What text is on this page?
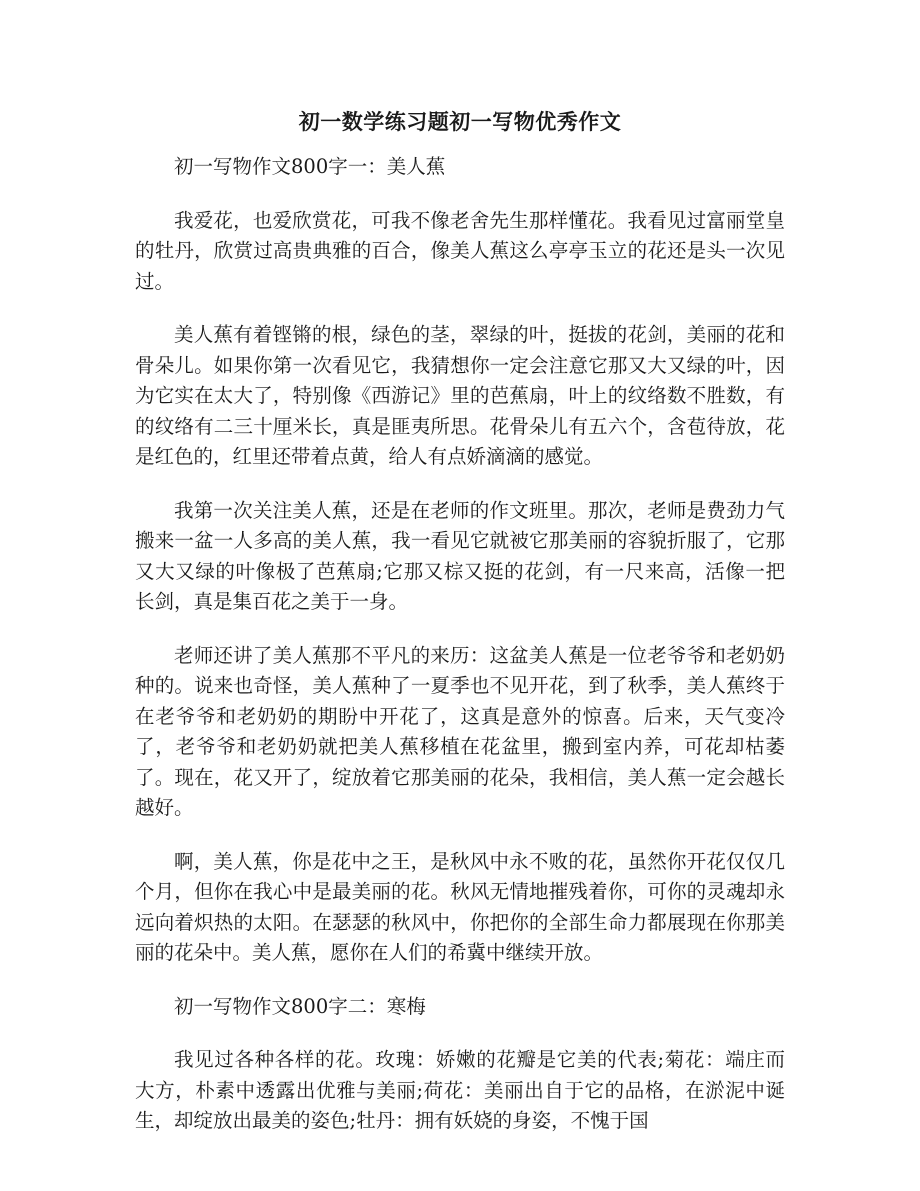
初一数学练习题初一写物优秀作文

初一写物作文800字一：美人蕉

我爱花，也爱欣赏花，可我不像老舍先生那样懂花。我看见过富丽堂皇的牡丹，欣赏过高贵典雅的百合，像美人蕉这么亭亭玉立的花还是头一次见过。

美人蕉有着铿锵的根，绿色的茎，翠绿的叶，挺拔的花剑，美丽的花和骨朵儿。如果你第一次看见它，我猜想你一定会注意它那又大又绿的叶，因为它实在太大了，特别像《西游记》里的芭蕉扇，叶上的纹络数不胜数，有的纹络有二三十厘米长，真是匪夷所思。花骨朵儿有五六个，含苞待放，花是红色的，红里还带着点黄，给人有点娇滴滴的感觉。

我第一次关注美人蕉，还是在老师的作文班里。那次，老师是费劲力气搬来一盆一人多高的美人蕉，我一看见它就被它那美丽的容貌折服了，它那又大又绿的叶像极了芭蕉扇;它那又棕又挺的花剑，有一尺来高，活像一把长剑，真是集百花之美于一身。

老师还讲了美人蕉那不平凡的来历：这盆美人蕉是一位老爷爷和老奶奶种的。说来也奇怪，美人蕉种了一夏季也不见开花，到了秋季，美人蕉终于在老爷爷和老奶奶的期盼中开花了，这真是意外的惊喜。后来，天气变冷了，老爷爷和老奶奶就把美人蕉移植在花盆里，搬到室内养，可花却枯萎了。现在，花又开了，绽放着它那美丽的花朵，我相信，美人蕉一定会越长越好。

啊，美人蕉，你是花中之王，是秋风中永不败的花，虽然你开花仅仅几个月，但你在我心中是最美丽的花。秋风无情地摧残着你，可你的灵魂却永远向着炽热的太阳。在瑟瑟的秋风中，你把你的全部生命力都展现在你那美丽的花朵中。美人蕉，愿你在人们的希冀中继续开放。

初一写物作文800字二：寒梅

我见过各种各样的花。玫瑰：娇嫩的花瓣是它美的代表;菊花：端庄而大方，朴素中透露出优雅与美丽;荷花：美丽出自于它的品格，在淤泥中诞生，却绽放出最美的姿色;牡丹：拥有妖娆的身姿，不愧于国
